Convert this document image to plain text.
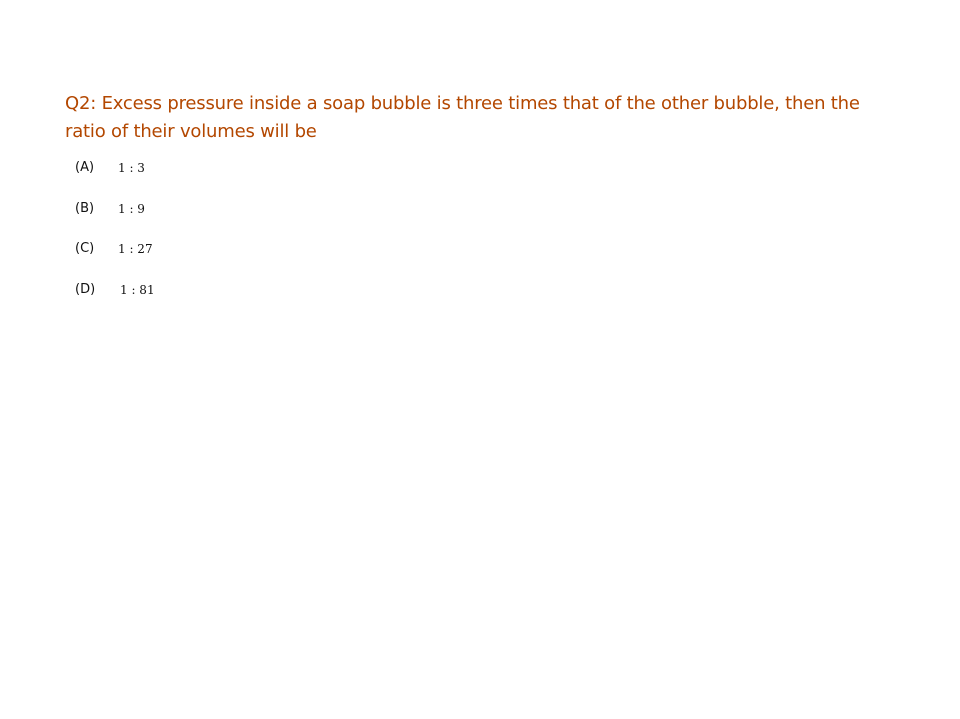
Q2: Excess pressure inside a soap bubble is three times that of the other bubble, then the ratio of their volumes will be
(A) 1 : 3
(B) 1 : 9
(C) 1 : 27
(D) 1 : 81
